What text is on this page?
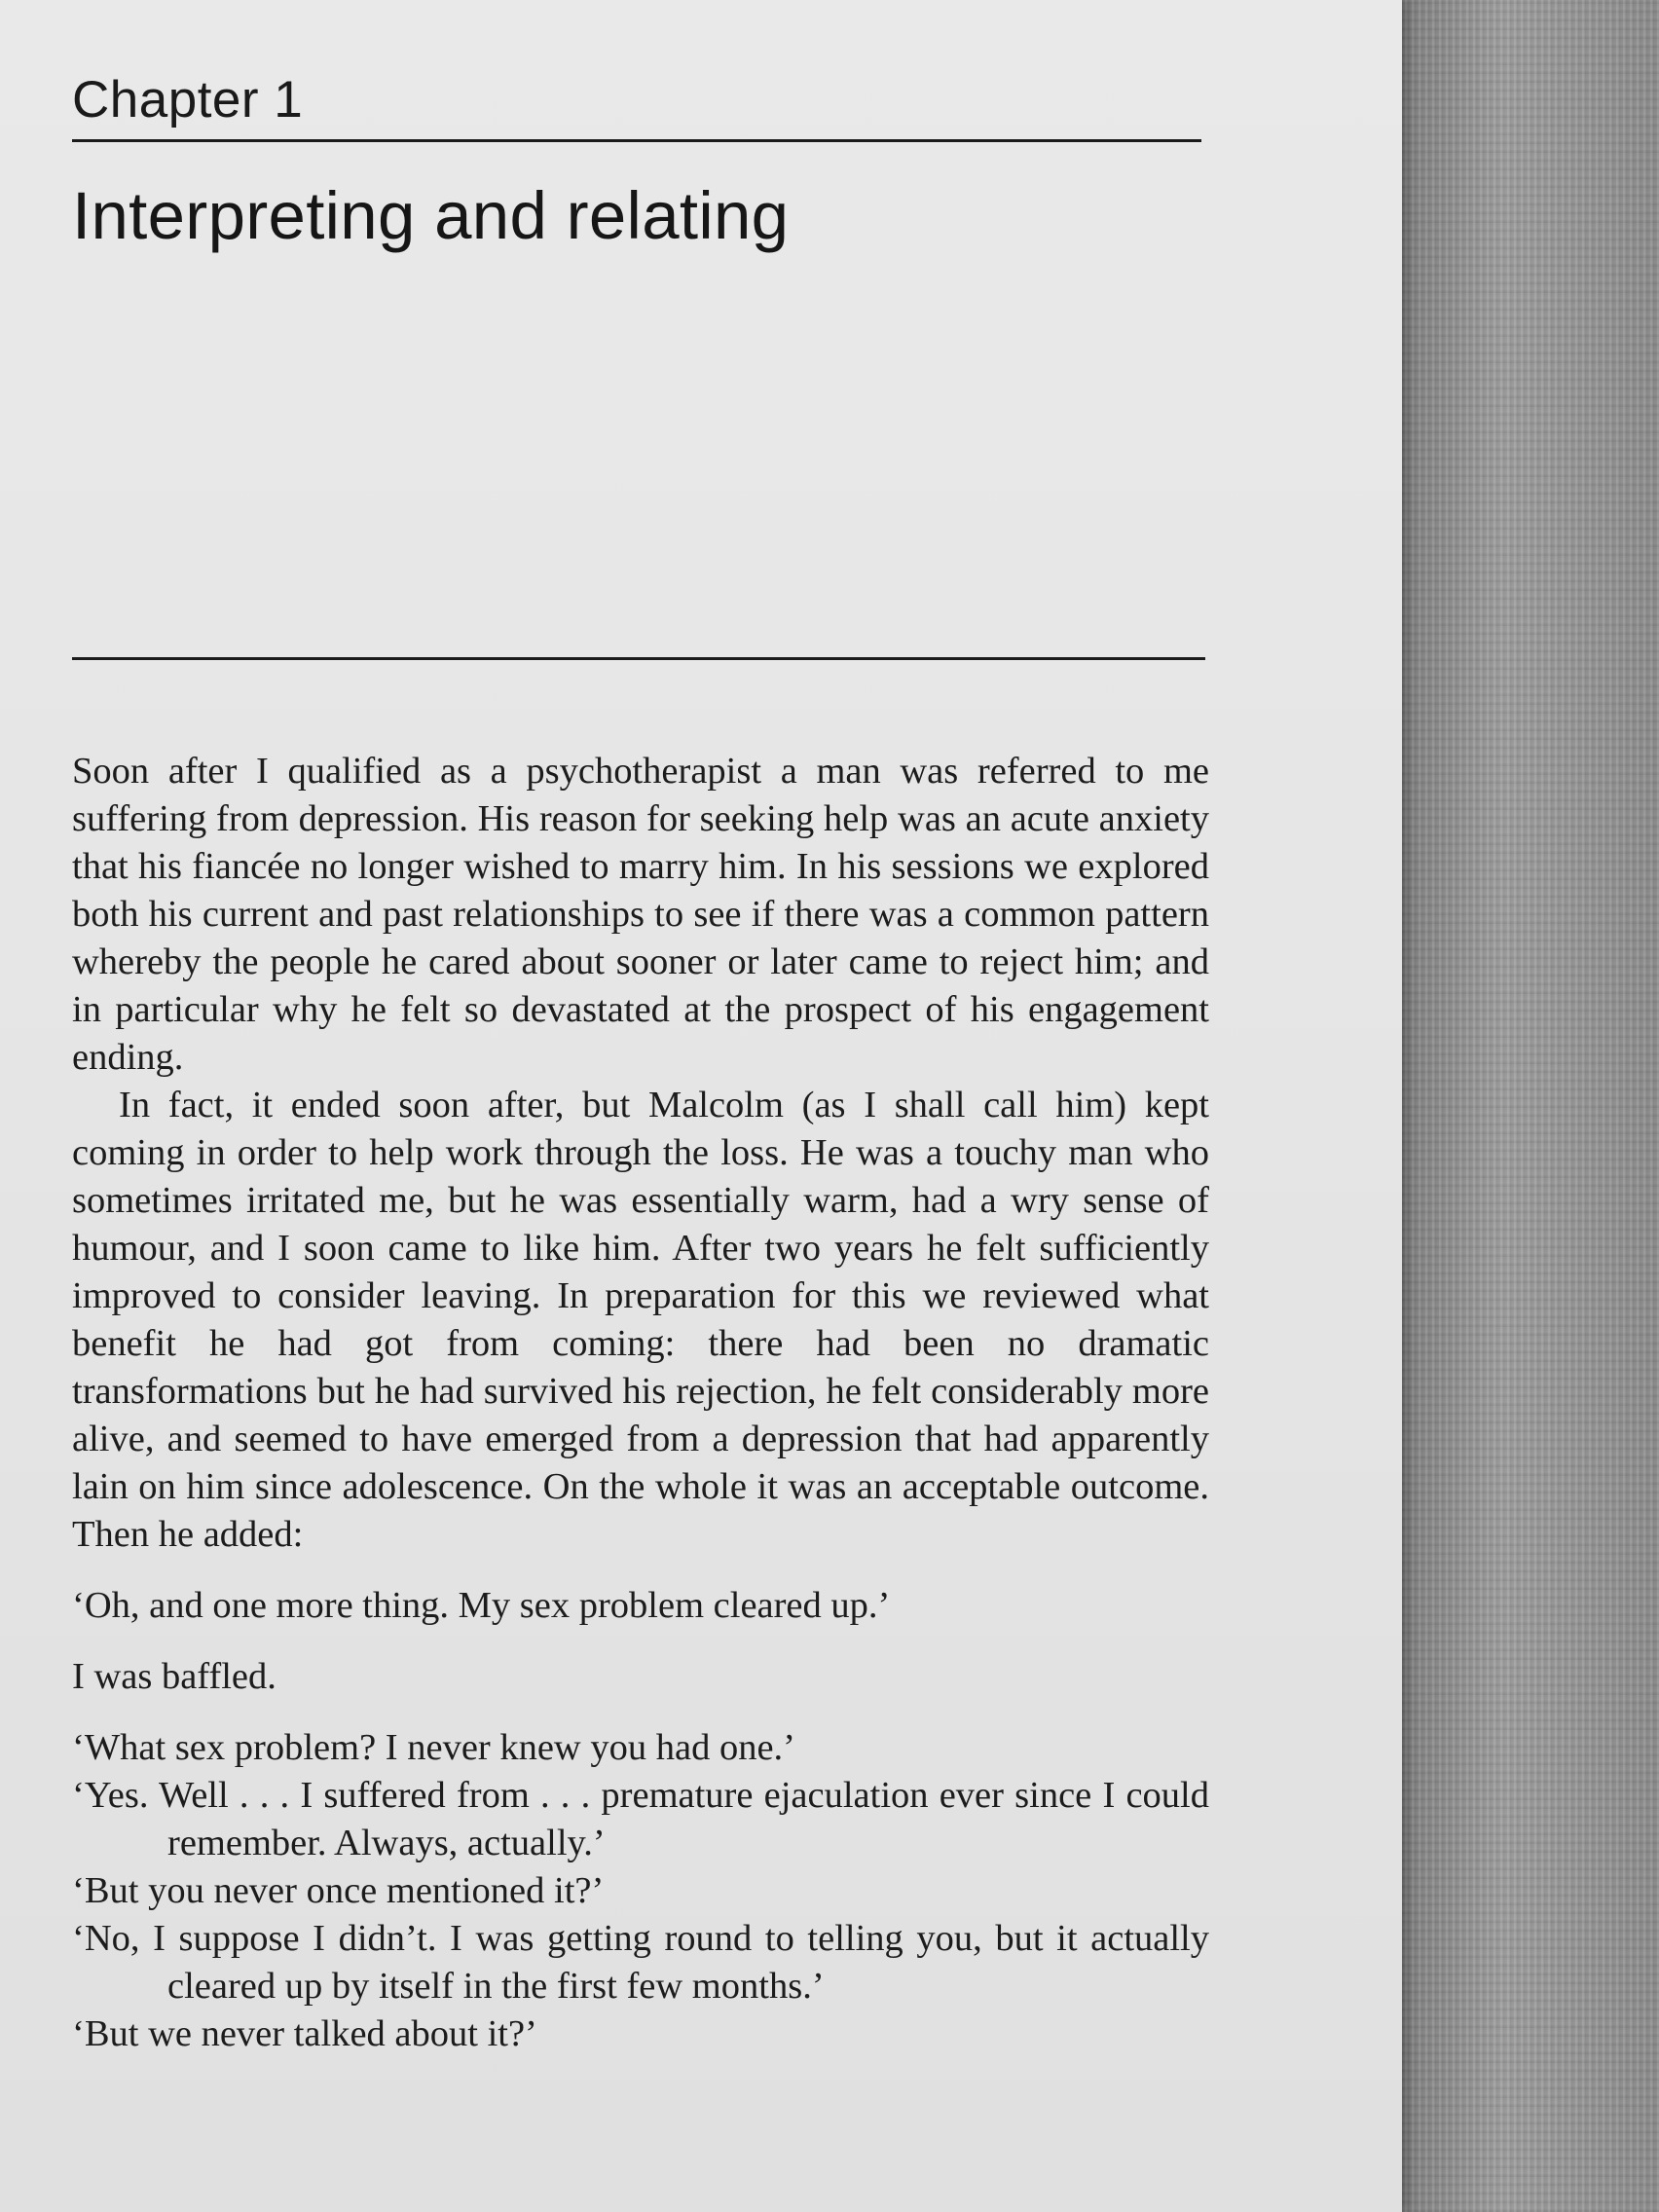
Chapter 1
Interpreting and relating

Soon after I qualified as a psychotherapist a man was referred to me suffering from depression. His reason for seeking help was an acute anxiety that his fiancée no longer wished to marry him. In his sessions we explored both his current and past relationships to see if there was a common pattern whereby the people he cared about sooner or later came to reject him; and in particular why he felt so devastated at the prospect of his engagement ending.

In fact, it ended soon after, but Malcolm (as I shall call him) kept coming in order to help work through the loss. He was a touchy man who sometimes irritated me, but he was essentially warm, had a wry sense of humour, and I soon came to like him. After two years he felt sufficiently improved to consider leaving. In preparation for this we reviewed what benefit he had got from coming: there had been no dramatic transformations but he had survived his rejection, he felt considerably more alive, and seemed to have emerged from a depression that had apparently lain on him since adolescence. On the whole it was an acceptable outcome. Then he added:

‘Oh, and one more thing. My sex problem cleared up.’

I was baffled.

‘What sex problem? I never knew you had one.’

‘Yes. Well . . . I suffered from . . . premature ejaculation ever since I could remember. Always, actually.’

‘But you never once mentioned it?’

‘No, I suppose I didn’t. I was getting round to telling you, but it actually cleared up by itself in the first few months.’

‘But we never talked about it?’
